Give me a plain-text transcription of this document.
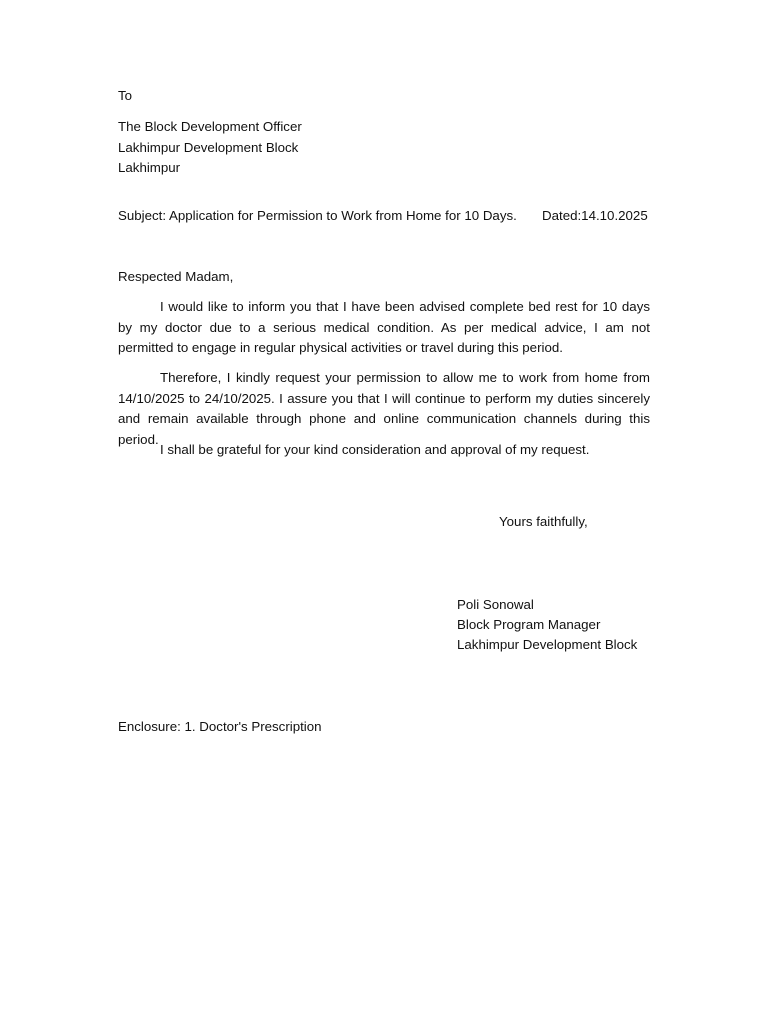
To
The Block Development Officer
Lakhimpur Development Block
Lakhimpur
Subject: Application for Permission to Work from Home for 10 Days. Dated:14.10.2025
Respected Madam,
I would like to inform you that I have been advised complete bed rest for 10 days by my doctor due to a serious medical condition. As per medical advice, I am not permitted to engage in regular physical activities or travel during this period.
Therefore, I kindly request your permission to allow me to work from home from 14/10/2025 to 24/10/2025. I assure you that I will continue to perform my duties sincerely and remain available through phone and online communication channels during this period.
I shall be grateful for your kind consideration and approval of my request.
Yours faithfully,
Poli Sonowal
Block Program Manager
Lakhimpur Development Block
Enclosure: 1. Doctor's Prescription
